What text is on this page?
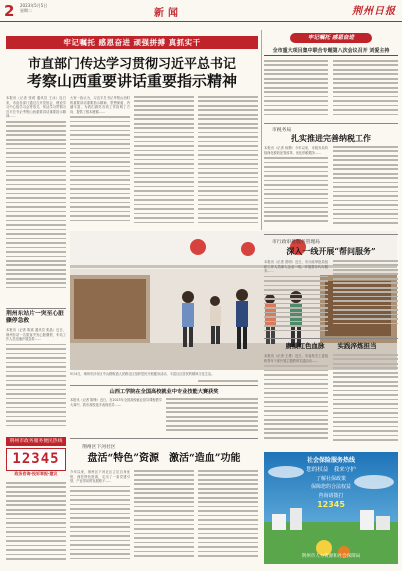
2 2023年5月5日
星期二	新闻	荆州日报
牢记嘱托 感恩奋进 顽强拼搏 真抓实干
市直部门传达学习贯彻习近平总书记
考察山西重要讲话重要指示精神
本报讯（记者 张莉 通讯员 王冰）连日来，市直各部门通过召开党组会、理论学习中心组学习会等形式，传达学习贯彻习近平总书记考察山西重要讲话重要指示精神……
大家一致认为，习近平总书记考察山西时的重要讲话重要指示精神，思想深邃、内涵丰富，为我们做好各项工作指明了方向、提供了根本遵循……
5月4日，荆州市沙市区中山路街道人民路社区组织居民开展健身活动，丰富社区居民的精神文化生活。
荆州东站片一突至心脏骤停急救
本报讯（记者 陈欢 通讯员 张晶）近日，荆州东站一名旅客突发心脏骤停，车站工作人员迅速开展急救……
荆州市政务服务便民热线
12345
政务咨询·投诉举报·建议
山西工学院在全国高校就业中专业技能大赛获奖
本报讯（记者 陈锋）近日，在2023年全国高校就业指导课程教学大赛中，我市高校选手表现优异……
荆州区下河社区
盘活“特色”资源　激活“造血”功能
今年以来，荆州区下河社区立足自身优势，深挖特色资源，走出了一条党建引领、产业带动的发展路子……
牢记嘱托 感恩奋进
全市重大项目集中联合专题第八次会议召开 刘爱主持
市税务局
扎实推进完善纳税工作
本报讯（记者 杨柳）今年以来，市税务局持续深化税收征管改革，优化纳税服务……
市行政审批服务管理局
深入一线开展“帮问服务”
本报讯（记者 曾明）近日，市行政审批局组织工作人员深入企业一线，开展帮办代办服务……
赓续红色血脉　　实践淬炼担当
本报讯（记者 王勇）近日，市直机关工委组织青年干部开展主题教育实践活动……
社会保险服务热线
您的权益　我来守护
了解社保政策
保障您的合法权益
咨询请拨打
12345
荆州市人力资源和社会保障局
